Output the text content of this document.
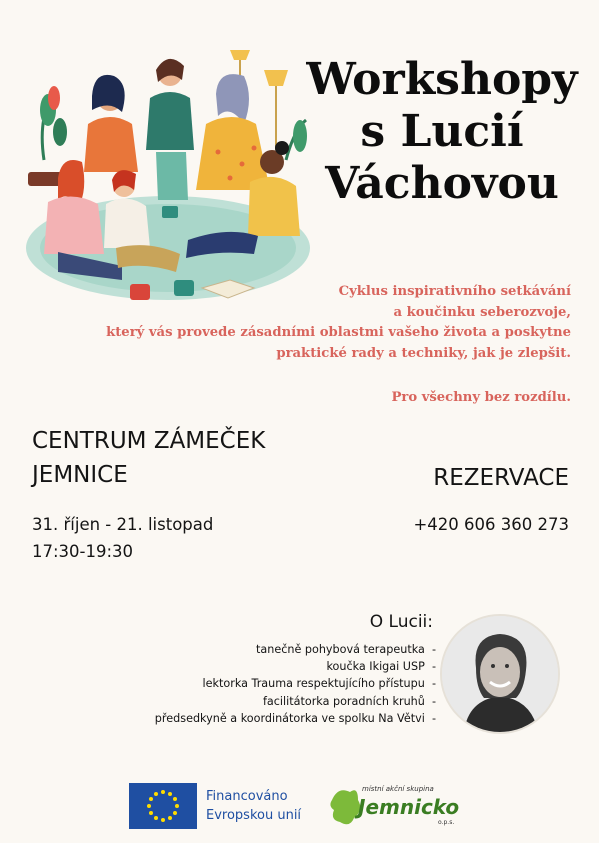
Workshopy
s Lucií
Váchovou
Cyklus inspirativního setkávání
a koučinku seberozvoje,
který vás provede zásadními oblastmi vašeho života a poskytne
praktické rady a techniky, jak je zlepšit.
Pro všechny bez rozdílu.
CENTRUM ZÁMEČEK
JEMNICE	REZERVACE
31. říjen - 21. listopad
17:30-19:30
+420 606 360 273
O Lucii:
tanečně pohybová terapeutka  -
koučka Ikigai USP  -
lektorka Trauma respektujícího přístupu  -
facilitátorka poradních kruhů  -
předsedkyně a koordinátorka ve spolku Na Větvi  -
Financováno
Evropskou unií
místní akční skupina
Jemnicko
o.p.s.
